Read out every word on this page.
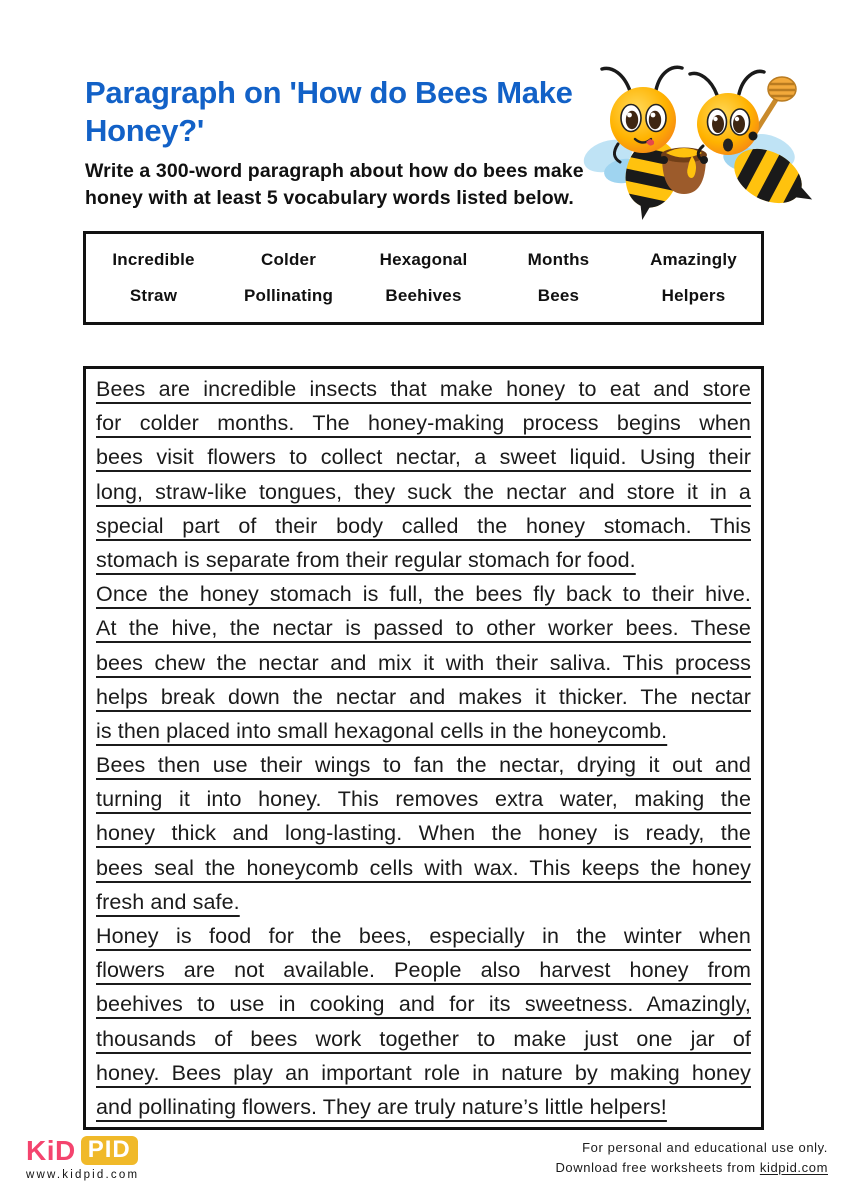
Paragraph on 'How do Bees Make Honey?'

Write a 300-word paragraph about how do bees make honey with at least 5 vocabulary words listed below.

Incredible	Colder	Hexagonal	Months	Amazingly
Straw	Pollinating	Beehives	Bees	Helpers
Bees are incredible insects that make honey to eat and store
for colder months. The honey-making process begins when
bees visit flowers to collect nectar, a sweet liquid. Using their
long, straw-like tongues, they suck the nectar and store it in a
special part of their body called the honey stomach. This
stomach is separate from their regular stomach for food.
Once the honey stomach is full, the bees fly back to their hive.
At the hive, the nectar is passed to other worker bees. These
bees chew the nectar and mix it with their saliva. This process
helps break down the nectar and makes it thicker. The nectar
is then placed into small hexagonal cells in the honeycomb.
Bees then use their wings to fan the nectar, drying it out and
turning it into honey. This removes extra water, making the
honey thick and long-lasting. When the honey is ready, the
bees seal the honeycomb cells with wax. This keeps the honey
fresh and safe.
Honey is food for the bees, especially in the winter when
flowers are not available. People also harvest honey from
beehives to use in cooking and for its sweetness. Amazingly,
thousands of bees work together to make just one jar of
honey. Bees play an important role in nature by making honey
and pollinating flowers. They are truly nature’s little helpers!
KiD PID
www.kidpid.com
For personal and educational use only.
Download free worksheets from kidpid.com
